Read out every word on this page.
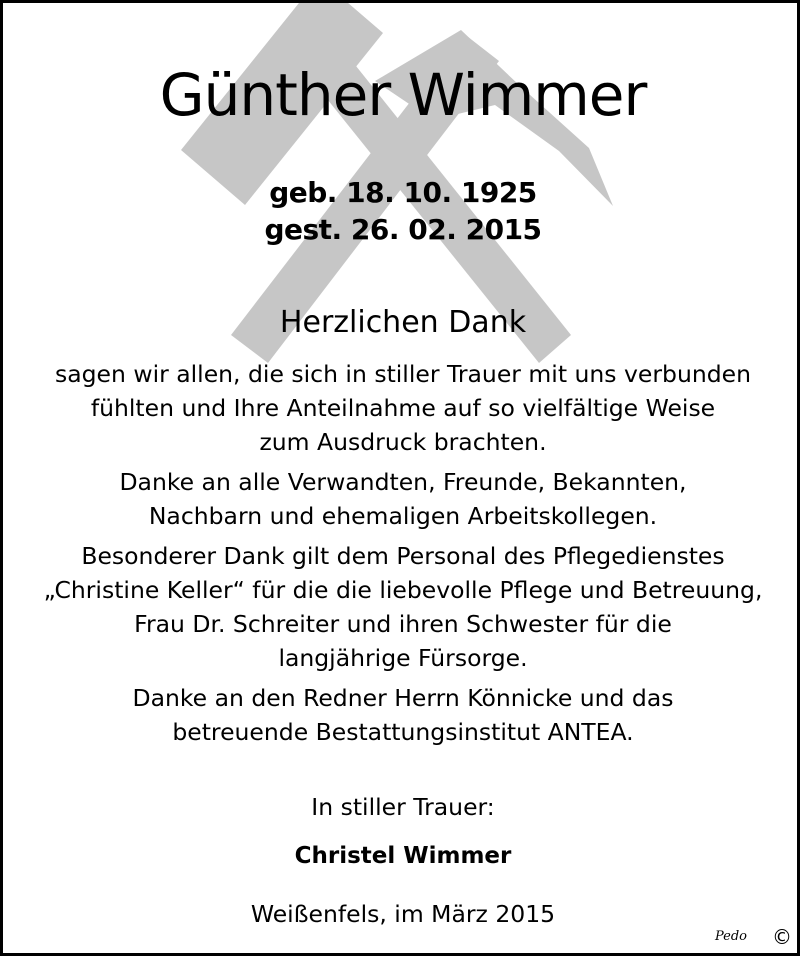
Günther Wimmer
geb. 18. 10. 1925
gest. 26. 02. 2015
Herzlichen Dank
sagen wir allen, die sich in stiller Trauer mit uns verbunden
fühlten und Ihre Anteilnahme auf so vielfältige Weise
zum Ausdruck brachten.
Danke an alle Verwandten, Freunde, Bekannten,
Nachbarn und ehemaligen Arbeitskollegen.
Besonderer Dank gilt dem Personal des Pflegedienstes
„Christine Keller“ für die die liebevolle Pflege und Betreuung,
Frau Dr. Schreiter und ihren Schwester für die
langjährige Fürsorge.
Danke an den Redner Herrn Könnicke und das
betreuende Bestattungsinstitut ANTEA.
In stiller Trauer:
Christel Wimmer
Weißenfels, im März 2015
Pedo ©
